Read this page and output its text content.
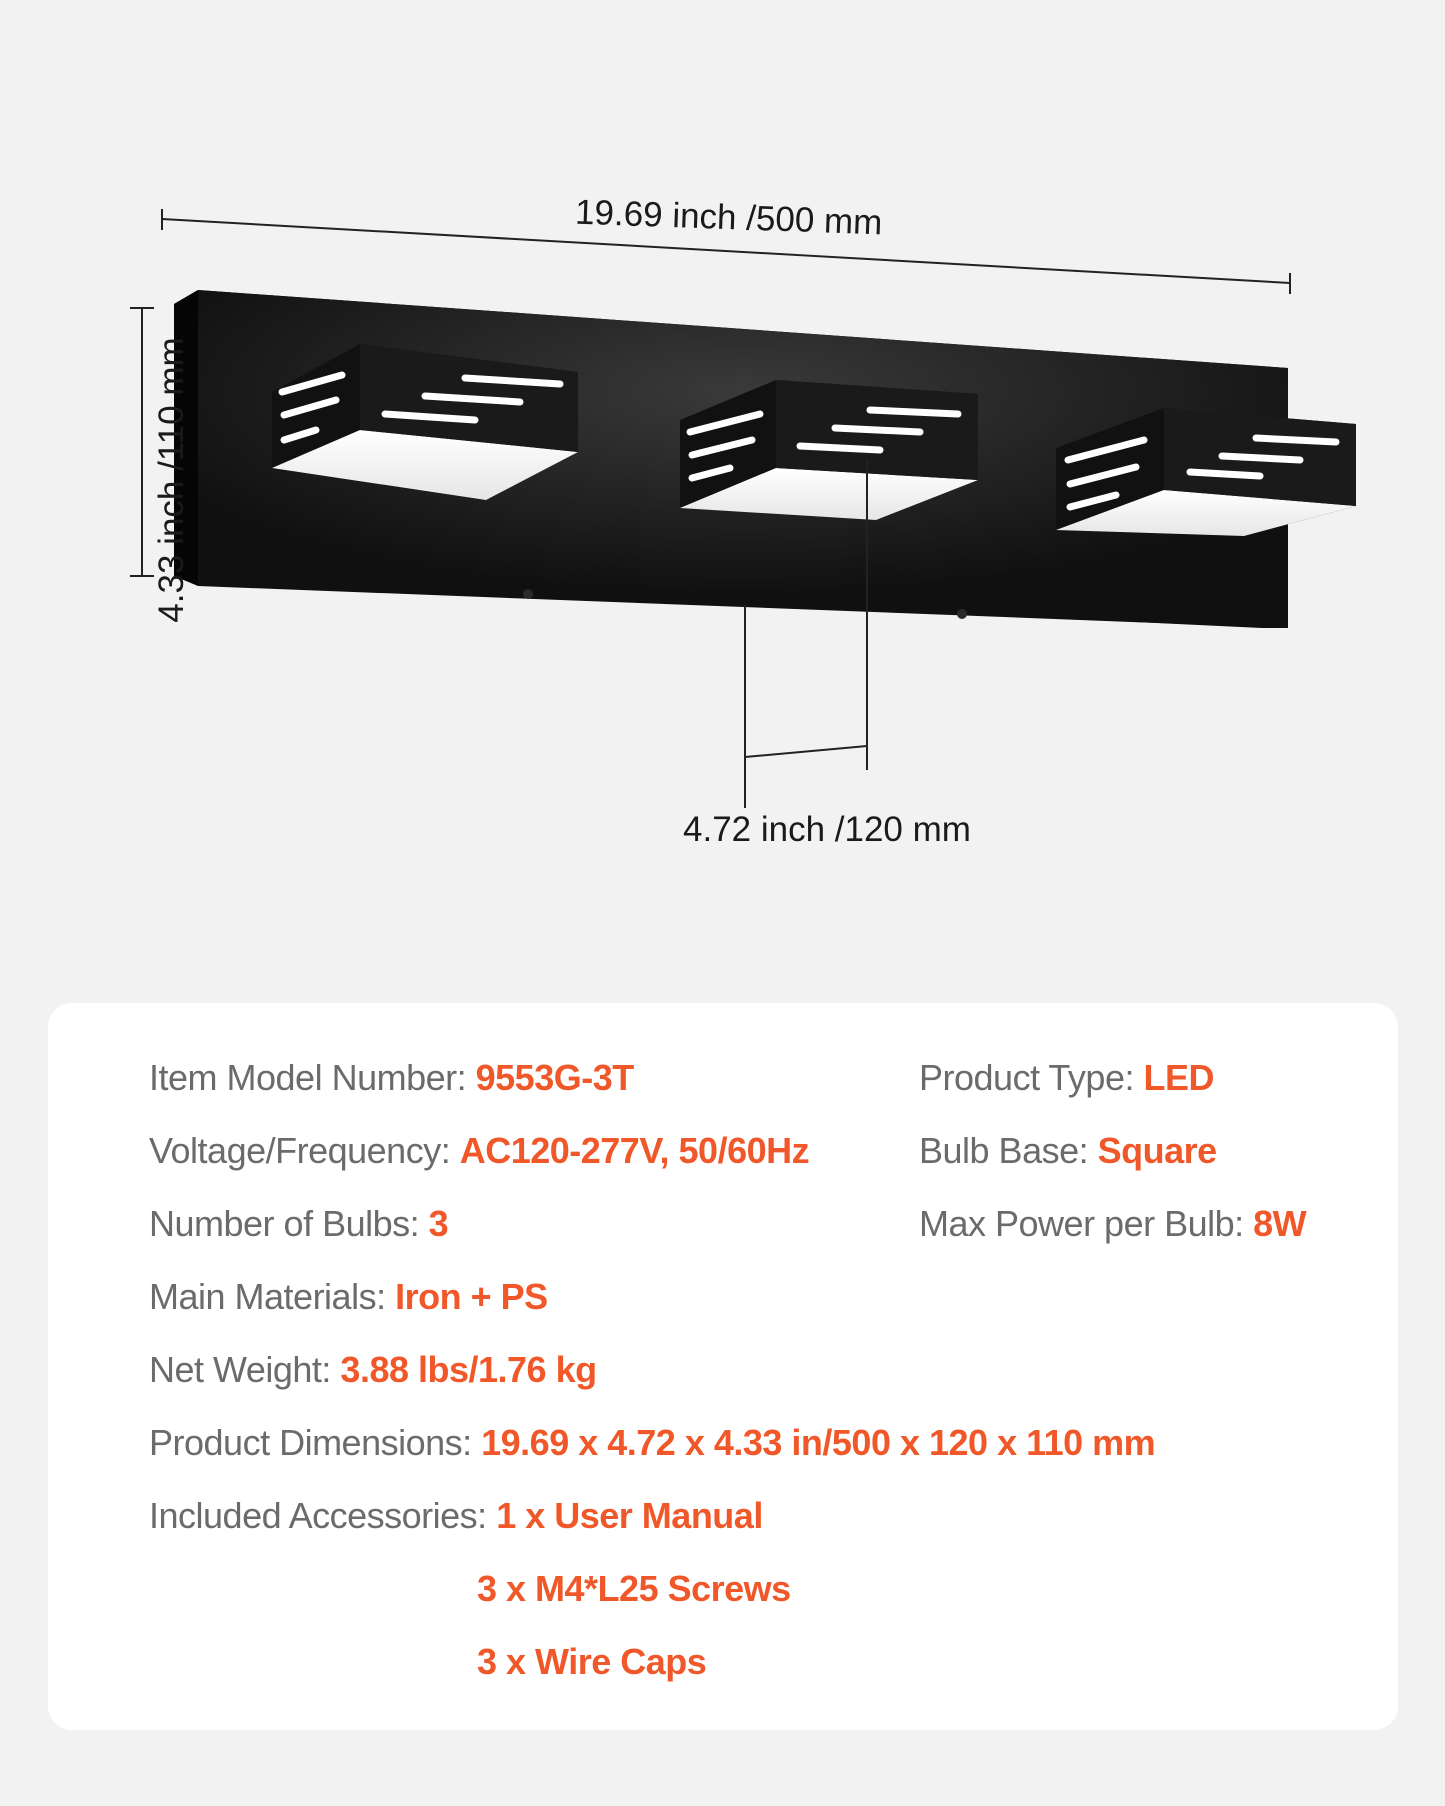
19.69 inch /500 mm
4.33 inch /110 mm
4.72 inch /120 mm
Item Model Number: 9553G-3T	Product Type: LED
Voltage/Frequency: AC120-277V, 50/60Hz	Bulb Base: Square
Number of Bulbs: 3	Max Power per Bulb: 8W
Main Materials: Iron + PS
Net Weight: 3.88 lbs/1.76 kg
Product Dimensions: 19.69 x 4.72 x 4.33 in/500 x 120 x 110 mm
Included Accessories: 1 x User Manual
3 x M4*L25 Screws
3 x Wire Caps
